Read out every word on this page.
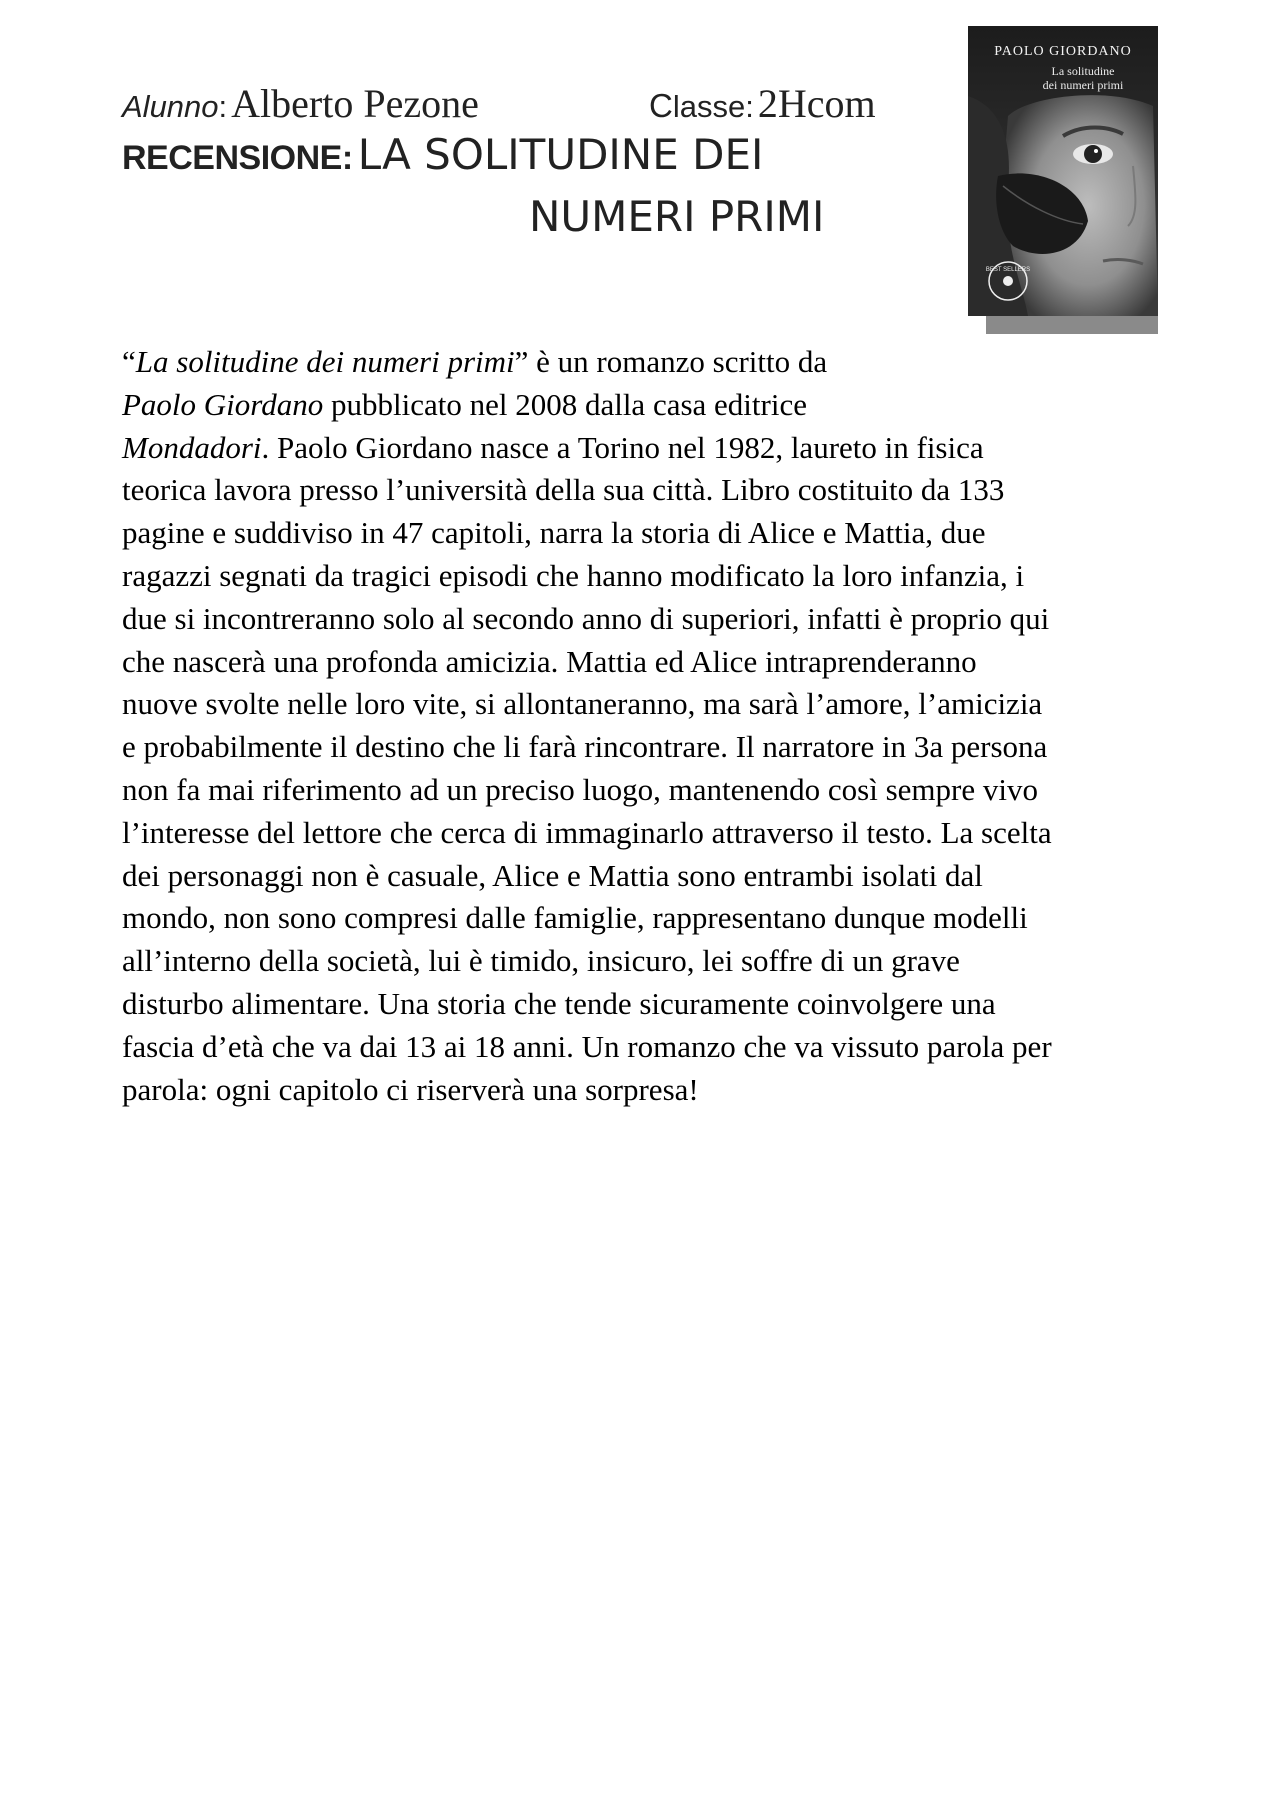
Alunno: Alberto Pezone	Classe: 2Hcom
RECENSIONE: LA SOLITUDINE DEI
NUMERI PRIMI
BEST SELLERS
PAOLO GIORDANO
La solitudine
dei numeri primi
“La solitudine dei numeri primi” è un romanzo scritto da
Paolo Giordano pubblicato nel 2008 dalla casa editrice
Mondadori. Paolo Giordano nasce a Torino nel 1982, laureto in fisica
teorica lavora presso l’università della sua città. Libro costituito da 133
pagine e suddiviso in 47 capitoli, narra la storia di Alice e Mattia, due
ragazzi segnati da tragici episodi che hanno modificato la loro infanzia, i
due si incontreranno solo al secondo anno di superiori, infatti è proprio qui
che nascerà una profonda amicizia. Mattia ed Alice intraprenderanno
nuove svolte nelle loro vite, si allontaneranno, ma sarà l’amore, l’amicizia
e probabilmente il destino che li farà rincontrare. Il narratore in 3a persona
non fa mai riferimento ad un preciso luogo, mantenendo così sempre vivo
l’interesse del lettore che cerca di immaginarlo attraverso il testo. La scelta
dei personaggi non è casuale, Alice e Mattia sono entrambi isolati dal
mondo, non sono compresi dalle famiglie, rappresentano dunque modelli
all’interno della società, lui è timido, insicuro, lei soffre di un grave
disturbo alimentare. Una storia che tende sicuramente coinvolgere una
fascia d’età che va dai 13 ai 18 anni. Un romanzo che va vissuto parola per
parola: ogni capitolo ci riserverà una sorpresa!
